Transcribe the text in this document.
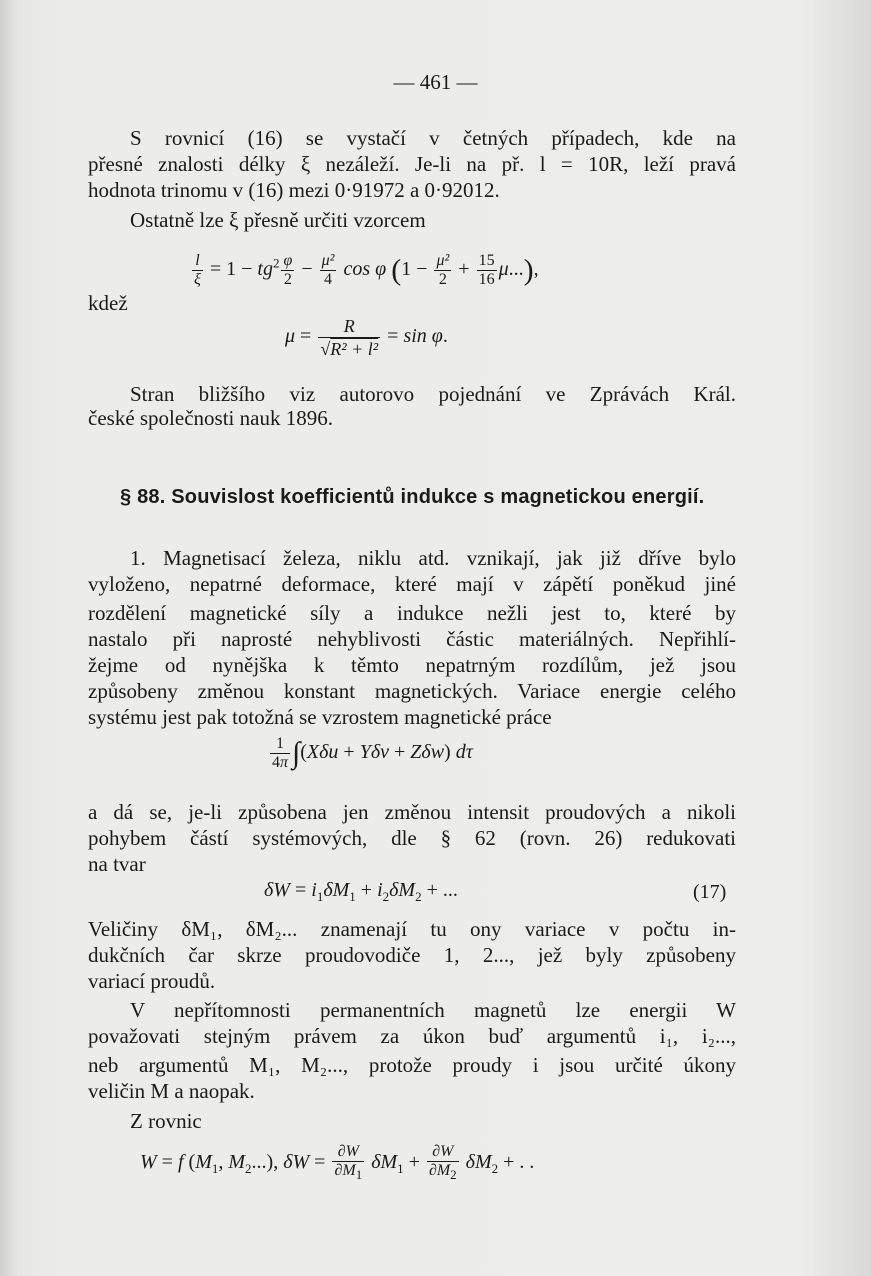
— 461 —
S rovnicí (16) se vystačí v četných případech, kde na
přesné znalosti délky ξ nezáleží. Je-li na př. l = 10R, leží pravá
hodnota trinomu v (16) mezi 0·91972 a 0·92012.
Ostatně lze ξ přesně určiti vzorcem
$\frac{l}{\xi} = 1 - tg^2 \frac{\varphi}{2} - \frac{\text{μ²}}{4}$ cos φ $(1 - \frac{\text{μ²}}{2} + \frac{15}{16} \mu...)$,
kdež
$\mu = \frac{R}{\text{√R² + l²}} = \sin \varphi$.
Stran bližšího viz autorovo pojednání ve Zprávách Král.
české společnosti nauk 1896.
§ 88. Souvislost koefficientů indukce s magnetickou energií.
1. Magnetisací železa, niklu atd. vznikají, jak již dříve bylo
vyloženo, nepatrné deformace, které mají v zápětí poněkud jiné
rozdělení magnetické síly a indukce nežli jest to, které by
nastalo při naprosté nehyblivosti částic materiálných. Nepřihlí-
žejme od nynějška k těmto nepatrným rozdílům, jež jsou
způsobeny změnou konstant magnetických. Variace energie celého
systému jest pak totožná se vzrostem magnetické práce
$\frac{1}{4\pi} \int(X\delta u + Y\delta v + Z\delta w)$ dτ
a dá se, je-li způsobena jen změnou intensit proudových a nikoli
pohybem částí systémových, dle § 62 (rovn. 26) redukovati
na tvar
$\delta W = i_1\delta M_1 + i_2\delta M_2$ + ...	(17)
Veličiny δM₁, δM₂... znamenají tu ony variace v počtu in-
dukčních čar skrze proudovodiče 1, 2..., jež byly způsobeny
variací proudů.
V nepřítomnosti permanentních magnetů lze energii W
považovati stejným právem za úkon buď argumentů i₁, i₂...,
neb argumentů M₁, M₂..., protože proudy i jsou určité úkony
veličin M a naopak.
Z rovnic
W = f ($M_1$, $M_2$...), $\delta W = \frac{\partial W}{\partial M_1} \delta M_1 + \frac{\partial W}{\partial M_2} \delta M_2$ + . .
